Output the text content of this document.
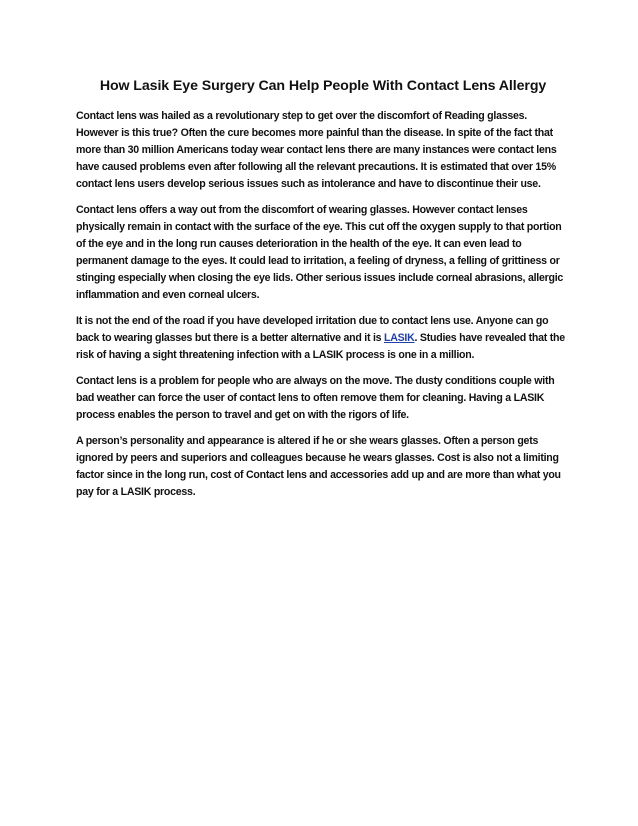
How Lasik Eye Surgery Can Help People With Contact Lens Allergy

Contact lens was hailed as a revolutionary step to get over the discomfort of Reading glasses. However is this true? Often the cure becomes more painful than the disease. In spite of the fact that more than 30 million Americans today wear contact lens there are many instances were contact lens have caused problems even after following all the relevant precautions. It is estimated that over 15% contact lens users develop serious issues such as intolerance and have to discontinue their use.

Contact lens offers a way out from the discomfort of wearing glasses. However contact lenses physically remain in contact with the surface of the eye. This cut off the oxygen supply to that portion of the eye and in the long run causes deterioration in the health of the eye. It can even lead to permanent damage to the eyes. It could lead to irritation, a feeling of dryness, a felling of grittiness or stinging especially when closing the eye lids. Other serious issues include corneal abrasions, allergic inflammation and even corneal ulcers.

It is not the end of the road if you have developed irritation due to contact lens use. Anyone can go back to wearing glasses but there is a better alternative and it is LASIK. Studies have revealed that the risk of having a sight threatening infection with a LASIK process is one in a million.

Contact lens is a problem for people who are always on the move. The dusty conditions couple with bad weather can force the user of contact lens to often remove them for cleaning. Having a LASIK process enables the person to travel and get on with the rigors of life.

A person’s personality and appearance is altered if he or she wears glasses. Often a person gets ignored by peers and superiors and colleagues because he wears glasses. Cost is also not a limiting factor since in the long run, cost of Contact lens and accessories add up and are more than what you pay for a LASIK process.
